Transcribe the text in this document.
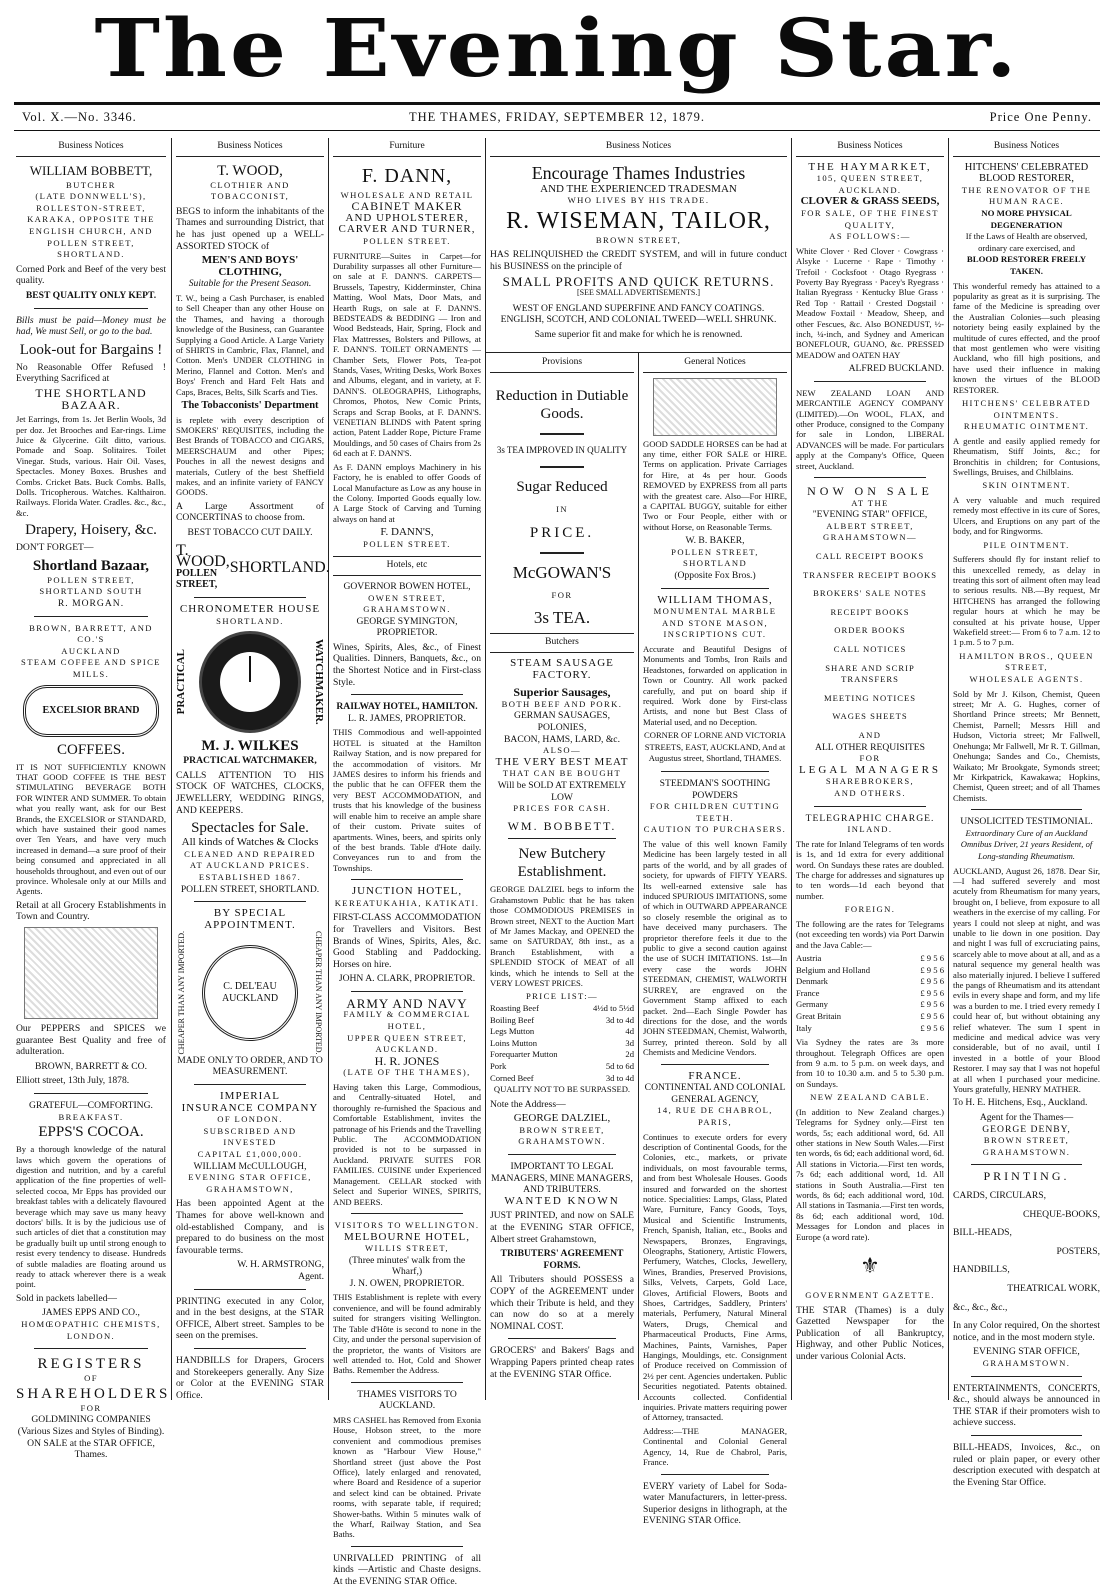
The Evening Star.
Vol. X.—No. 3346.	THE THAMES, FRIDAY, SEPTEMBER 12, 1879.	Price One Penny.
Business Notices
WILLIAM BOBBETT,
BUTCHER
(LATE DONNWELL'S),
ROLLESTON-STREET, KARAKA, OPPOSITE THE ENGLISH CHURCH, AND POLLEN STREET, SHORTLAND.
Corned Pork and Beef of the very best quality.
BEST QUALITY ONLY KEPT.
Bills must be paid—Money must be had, We must Sell, or go to the bad.
Look-out for Bargains !
No Reasonable Offer Refused ! Everything Sacrificed at
THE SHORTLAND BAZAAR.
Jet Earrings, from 1s. Jet Berlin Wools, 3d per doz. Jet Brooches and Ear-rings. Lime Juice & Glycerine. Gilt ditto, various. Pomade and Soap. Solitaires. Toilet Vinegar. Studs, various. Hair Oil. Vases, Spectacles. Money Boxes. Brushes and Combs. Cricket Bats. Buck Combs. Balls, Dolls. Tricopherous. Watches. Kalthairon. Railways. Florida Water. Cradles. &c., &c., &c.
Drapery, Hoisery, &c.
DON'T FORGET—
Shortland Bazaar,
POLLEN STREET, SHORTLAND SOUTH
R. MORGAN.
BROWN, BARRETT, AND CO.'S
AUCKLAND
STEAM COFFEE AND SPICE MILLS.
EXCELSIOR BRAND
COFFEES.
IT IS NOT SUFFICIENTLY KNOWN THAT GOOD COFFEE IS THE BEST STIMULATING BEVERAGE BOTH FOR WINTER AND SUMMER. To obtain what you really want, ask for our Best Brands, the EXCELSIOR or STANDARD, which have sustained their good names over Ten Years, and have very much increased in demand—a sure proof of their being consumed and appreciated in all households throughout, and even out of our province. Wholesale only at our Mills and Agents.
Retail at all Grocery Establishments in Town and Country.
Our PEPPERS and SPICES we guarantee Best Quality and free of adulteration.
BROWN, BARRETT & CO.
Elliott street, 13th July, 1878.
GRATEFUL—COMFORTING.
BREAKFAST.
EPPS'S COCOA.
By a thorough knowledge of the natural laws which govern the operations of digestion and nutrition, and by a careful application of the fine properties of well-selected cocoa, Mr Epps has provided our breakfast tables with a delicately flavoured beverage which may save us many heavy doctors' bills. It is by the judicious use of such articles of diet that a constitution may be gradually built up until strong enough to resist every tendency to disease. Hundreds of subtle maladies are floating around us ready to attack wherever there is a weak point.
Sold in packets labelled—
JAMES EPPS AND CO.,
HOMŒOPATHIC CHEMISTS, LONDON.
REGISTERS
OF
SHAREHOLDERS
FOR
GOLDMINING COMPANIES
(Various Sizes and Styles of Binding).
ON SALE at the STAR OFFICE, Thames.
Business Notices
T. WOOD,
CLOTHIER AND TOBACCONIST,
BEGS to inform the inhabitants of the Thames and surrounding District, that he has just opened up a WELL-ASSORTED STOCK of
MEN'S AND BOYS' CLOTHING,
Suitable for the Present Season.
T. W., being a Cash Purchaser, is enabled to Sell Cheaper than any other House on the Thames, and having a thorough knowledge of the Business, can Guarantee Supplying a Good Article. A Large Variety of SHIRTS in Cambric, Flax, Flannel, and Cotton. Men's UNDER CLOTHING in Merino, Flannel and Cotton. Men's and Boys' French and Hard Felt Hats and Caps, Braces, Belts, Silk Scarfs and Ties.
The Tobacconists' Department
is replete with every description of SMOKERS' REQUISITES, including the Best Brands of TOBACCO and CIGARS, MEERSCHAUM and other Pipes; Pouches in all the newest designs and materials, Cutlery of the best Sheffield makes, and an infinite variety of FANCY GOODS.
A Large Assortment of CONCERTINAS to choose from.
BEST TOBACCO CUT DAILY.
T. WOOD,
POLLEN STREET,
SHORTLAND.
CHRONOMETER HOUSE
SHORTLAND.
PRACTICAL	WATCHMAKER.
M. J. WILKES
PRACTICAL WATCHMAKER,
CALLS ATTENTION TO HIS STOCK OF WATCHES, CLOCKS, JEWELLERY, WEDDING RINGS, AND KEEPERS.
Spectacles for Sale.
All kinds of Watches & Clocks
CLEANED AND REPAIRED AT AUCKLAND PRICES.
ESTABLISHED 1867.
POLLEN STREET, SHORTLAND.
BY SPECIAL APPOINTMENT.
CHEAPER THAN ANY IMPORTED.	C. DEL'EAU AUCKLAND	CHEAPER THAN ANY IMPORTED.
MADE ONLY TO ORDER, AND TO MEASUREMENT.
IMPERIAL
INSURANCE COMPANY
OF LONDON.
SUBSCRIBED AND INVESTED
CAPITAL £1,000,000.
WILLIAM McCULLOUGH,
EVENING STAR OFFICE,
GRAHAMSTOWN,
Has been appointed Agent at the Thames for above well-known and old-established Company, and is prepared to do business on the most favourable terms.
W. H. ARMSTRONG,
Agent.
PRINTING executed in any Color, and in the best designs, at the STAR OFFICE, Albert street. Samples to be seen on the premises.
HANDBILLS for Drapers, Grocers and Storekeepers generally. Any Size or Color at the EVENING STAR Office.
Furniture
F. DANN,
WHOLESALE AND RETAIL
CABINET MAKER
AND UPHOLSTERER,
CARVER AND TURNER,
POLLEN STREET.
FURNITURE—Suites in Carpet—for Durability surpasses all other Furniture—on sale at F. DANN'S. CARPETS—Brussels, Tapestry, Kidderminster, China Matting, Wool Mats, Door Mats, and Hearth Rugs, on sale at F. DANN'S. BEDSTEADS & BEDDING — Iron and Wood Bedsteads, Hair, Spring, Flock and Flax Mattresses, Bolsters and Pillows, at F. DANN'S. TOILET ORNAMENTS — Chamber Sets, Flower Pots, Tea-pot Stands, Vases, Writing Desks, Work Boxes and Albums, elegant, and in variety, at F. DANN'S. OLEOGRAPHS, Lithographs, Chromos, Photos, New Comic Prints, Scraps and Scrap Books, at F. DANN'S. VENETIAN BLINDS with Patent spring action, Patent Ladder Rope, Picture Frame Mouldings, and 50 cases of Chairs from 2s 6d each at F. DANN'S.
As F. DANN employs Machinery in his Factory, he is enabled to offer Goods of Local Manufacture as Low as any house in the Colony. Imported Goods equally low. A Large Stock of Carving and Turning always on hand at
F. DANN'S,
POLLEN STREET.
Hotels, etc
GOVERNOR BOWEN HOTEL,
OWEN STREET, GRAHAMSTOWN.
GEORGE SYMINGTON, PROPRIETOR.
Wines, Spirits, Ales, &c., of Finest Qualities. Dinners, Banquets, &c., on the Shortest Notice and in First-class Style.
RAILWAY HOTEL, HAMILTON.
L. R. JAMES, PROPRIETOR.
THIS Commodious and well-appointed HOTEL is situated at the Hamilton Railway Station, and is now prepared for the accommodation of visitors. Mr JAMES desires to inform his friends and the public that he can OFFER them the very BEST ACCOMMODATION, and trusts that his knowledge of the business will enable him to receive an ample share of their custom. Private suites of apartments. Wines, beers, and spirits only of the best brands. Table d'Hote daily. Conveyances run to and from the Townships.
JUNCTION HOTEL,
KEREATUKAHIA, KATIKATI.
FIRST-CLASS ACCOMMODATION for Travellers and Visitors. Best Brands of Wines, Spirits, Ales, &c. Good Stabling and Paddocking. Horses on hire.
JOHN A. CLARK, PROPRIETOR.
ARMY AND NAVY
FAMILY & COMMERCIAL HOTEL,
UPPER QUEEN STREET, AUCKLAND.
H. R. JONES
(LATE OF THE THAMES),
Having taken this Large, Commodious, and Centrally-situated Hotel, and thoroughly re-furnished the Spacious and Comfortable Establishment, invites the patronage of his Friends and the Travelling Public. The ACCOMMODATION provided is not to be surpassed in Auckland. PRIVATE SUITES FOR FAMILIES. CUISINE under Experienced Management. CELLAR stocked with Select and Superior WINES, SPIRITS, AND BEERS.
VISITORS TO WELLINGTON.
MELBOURNE HOTEL,
WILLIS STREET,
(Three minutes' walk from the Wharf,)
J. N. OWEN, PROPRIETOR.
THIS Establishment is replete with every convenience, and will be found admirably suited for strangers visiting Wellington. The Table d'Hôte is second to none in the City, and under the personal supervision of the proprietor, the wants of Visitors are well attended to. Hot, Cold and Shower Baths. Remember the Address.
THAMES VISITORS TO AUCKLAND.
MRS CASHEL has Removed from Exonia House, Hobson street, to the more convenient and commodious premises known as "Harbour View House," Shortland street (just above the Post Office), lately enlarged and renovated, where Board and Residence of a superior and select kind can be obtained. Private rooms, with separate table, if required; Shower-baths. Within 5 minutes walk of the Wharf, Railway Station, and Sea Baths.
UNRIVALLED PRINTING of all kinds —Artistic and Chaste designs. At the EVENING STAR Office.
Business Notices
Encourage Thames Industries
AND THE EXPERIENCED TRADESMAN
WHO LIVES BY HIS TRADE.
R. WISEMAN, TAILOR,
BROWN STREET,
HAS RELINQUISHED the CREDIT SYSTEM, and will in future conduct his BUSINESS on the principle of
SMALL PROFITS AND QUICK RETURNS.
[SEE SMALL ADVERTISEMENTS.]
WEST OF ENGLAND SUPERFINE AND FANCY COATINGS. ENGLISH, SCOTCH, AND COLONIAL TWEED—WELL SHRUNK.
Same superior fit and make for which he is renowned.
Provisions
Reduction in Dutiable
Goods.
3s TEA IMPROVED IN QUALITY
Sugar Reduced
IN
PRICE.
McGOWAN'S
FOR
3s TEA.
Butchers
STEAM SAUSAGE FACTORY.
Superior Sausages,
BOTH BEEF AND PORK.
GERMAN SAUSAGES, POLONIES,
BACON, HAMS, LARD, &c.
ALSO—
THE VERY BEST MEAT
THAT CAN BE BOUGHT
Will be SOLD AT EXTREMELY LOW
PRICES FOR CASH.
WM. BOBBETT.
New Butchery Establishment.
GEORGE DALZIEL begs to inform the Grahamstown Public that he has taken those COMMODIOUS PREMISES in Brown street, NEXT to the Auction Mart of Mr James Mackay, and OPENED the same on SATURDAY, 8th inst., as a Branch Establishment, with a SPLENDID STOCK of MEAT of all kinds, which he intends to Sell at the VERY LOWEST PRICES.
PRICE LIST:—
Roasting Beef	4½d to 5½d
Boiling Beef	3d to 4d
Legs Mutton	4d
Loins Mutton	3d
Forequarter Mutton	2d
Pork	5d to 6d
Corned Beef	3d to 4d
QUALITY NOT TO BE SURPASSED.
Note the Address—
GEORGE DALZIEL,
BROWN STREET, GRAHAMSTOWN.
IMPORTANT TO LEGAL MANAGERS, MINE MANAGERS, AND TRIBUTERS.
WANTED KNOWN
JUST PRINTED, and now on SALE at the EVENING STAR OFFICE, Albert street Grahamstown,
TRIBUTERS' AGREEMENT FORMS.
All Tributers should POSSESS a COPY of the AGREEMENT under which their Tribute is held, and they can now do so at a merely NOMINAL COST.
GROCERS' and Bakers' Bags and Wrapping Papers printed cheap rates at the EVENING STAR Office.
General Notices
GOOD SADDLE HORSES can be had at any time, either FOR SALE or HIRE. Terms on application. Private Carriages for Hire, at 4s per hour. Goods REMOVED by EXPRESS from all parts with the greatest care. Also—For HIRE, a CAPITAL BUGGY, suitable for either Two or Four People, either with or without Horse, on Reasonable Terms.
W. B. BAKER,
POLLEN STREET, SHORTLAND
(Opposite Fox Bros.)
WILLIAM THOMAS,
MONUMENTAL MARBLE AND STONE MASON,
INSCRIPTIONS CUT.
Accurate and Beautiful Designs of Monuments and Tombs, Iron Rails and Headstones, forwarded on application in Town or Country. All work packed carefully, and put on board ship if required. Work done by First-class Artists, and none but Best Class of Material used, and no Deception.
CORNER OF LORNE AND VICTORIA STREETS, EAST, AUCKLAND, And at Augustus street, Shortland, THAMES.
STEEDMAN'S SOOTHING POWDERS
FOR CHILDREN CUTTING TEETH.
CAUTION TO PURCHASERS.
The value of this well known Family Medicine has been largely tested in all parts of the world, and by all grades of society, for upwards of FIFTY YEARS. Its well-earned extensive sale has induced SPURIOUS IMITATIONS, some of which in OUTWARD APPEARANCE so closely resemble the original as to have deceived many purchasers. The proprietor therefore feels it due to the public to give a second caution against the use of SUCH IMITATIONS. 1st—In every case the words JOHN STEEDMAN, CHEMIST, WALWORTH SURREY, are engraved on the Government Stamp affixed to each packet. 2nd—Each Single Powder has directions for the dose, and the words JOHN STEEDMAN, Chemist, Walworth, Surrey, printed thereon. Sold by all Chemists and Medicine Vendors.
FRANCE.
CONTINENTAL AND COLONIAL GENERAL AGENCY,
14, RUE DE CHABROL, PARIS,
Continues to execute orders for every description of Continental Goods, for the Colonies, etc., markets, or private individuals, on most favourable terms, and from best Wholesale Houses. Goods insured and forwarded on the shortest notice. Specialities: Lamps, Glass, Plated Ware, Furniture, Fancy Goods, Toys, Musical and Scientific Instruments, French, Spanish, Italian, etc., Books and Newspapers, Bronzes, Engravings, Oleographs, Stationery, Artistic Flowers, Perfumery, Watches, Clocks, Jewellery, Wines, Brandies, Preserved Provisions, Silks, Velvets, Carpets, Gold Lace, Gloves, Artificial Flowers, Boots and Shoes, Cartridges, Saddlery, Printers' materials, Perfumery, Natural Mineral Waters, Drugs, Chemical and Pharmaceutical Products, Fine Arms, Machines, Paints, Varnishes, Paper Hangings, Mouldings, etc. Consignment of Produce received on Commission of 2½ per cent. Agencies undertaken. Public Securities negotiated. Patents obtained. Accounts collected. Confidential inquiries. Private matters requiring power of Attorney, transacted.
Address:—THE MANAGER, Continental and Colonial General Agency, 14, Rue de Chabrol, Paris, France.
EVERY variety of Label for Soda-water Manufacturers, in letter-press. Superior designs in lithograph, at the EVENING STAR Office.
Business Notices
THE HAYMARKET,
105, QUEEN STREET,
AUCKLAND.
CLOVER & GRASS SEEDS,
FOR SALE, OF THE FINEST QUALITY,
AS FOLLOWS:—
White Clover · Red Clover · Cowgrass · Alsyke · Lucerne · Rape · Timothy · Trefoil · Cocksfoot · Otago Ryegrass · Poverty Bay Ryegrass · Pacey's Ryegrass · Italian Ryegrass · Kentucky Blue Grass · Red Top · Rattail · Crested Dogstail · Meadow Foxtail · Meadow, Sheep, and other Fescues, &c. Also BONEDUST, ½-inch, ¼-inch, and Sydney and American BONEFLOUR, GUANO, &c. PRESSED MEADOW and OATEN HAY
ALFRED BUCKLAND.
NEW ZEALAND LOAN AND MERCANTILE AGENCY COMPANY (LIMITED).—On WOOL, FLAX, and other Produce, consigned to the Company for sale in London, LIBERAL ADVANCES will be made. For particulars apply at the Company's Office, Queen street, Auckland.
NOW ON SALE
AT THE
"EVENING STAR" OFFICE,
ALBERT STREET,
GRAHAMSTOWN—
CALL RECEIPT BOOKS
TRANSFER RECEIPT BOOKS
BROKERS' SALE NOTES
RECEIPT BOOKS
ORDER BOOKS
CALL NOTICES
SHARE AND SCRIP TRANSFERS
MEETING NOTICES
WAGES SHEETS
AND
ALL OTHER REQUISITES
FOR
LEGAL MANAGERS
SHAREBROKERS,
AND OTHERS.
TELEGRAPHIC CHARGE.
INLAND.
The rate for Inland Telegrams of ten words is 1s, and 1d extra for every additional word. On Sundays these rates are doubled. The charge for addresses and signatures up to ten words—1d each beyond that number.
FOREIGN.
The following are the rates for Telegrams (not exceeding ten words) via Port Darwin and the Java Cable:—
Austria	£ 9 5 6
Belgium and Holland	£ 9 5 6
Denmark	£ 9 5 6
France	£ 9 5 6
Germany	£ 9 5 6
Great Britain	£ 9 5 6
Italy	£ 9 5 6
Via Sydney the rates are 3s more throughout. Telegraph Offices are open from 9 a.m. to 5 p.m. on week days, and from 10 to 10.30 a.m. and 5 to 5.30 p.m. on Sundays.
NEW ZEALAND CABLE.
(In addition to New Zealand charges.) Telegrams for Sydney only.—First ten words, 5s; each additional word, 6d. All other stations in New South Wales.—First ten words, 6s 6d; each additional word, 6d. All stations in Victoria.—First ten words, 7s 6d; each additional word, 1d. All stations in South Australia.—First ten words, 8s 6d; each additional word, 10d. All stations in Tasmania.—First ten words, 8s 6d; each additional word, 10d. Messages for London and places in Europe (a word rate).
⚜
GOVERNMENT GAZETTE.
THE STAR (Thames) is a duly Gazetted Newspaper for the Publication of all Bankruptcy, Highway, and other Public Notices, under various Colonial Acts.
Business Notices
HITCHENS' CELEBRATED BLOOD RESTORER,
THE RENOVATOR OF THE HUMAN RACE.
NO MORE PHYSICAL DEGENERATION
If the Laws of Health are observed, ordinary care exercised, and
BLOOD RESTORER FREELY TAKEN.
This wonderful remedy has attained to a popularity as great as it is surprising. The fame of the Medicine is spreading over the Australian Colonies—such pleasing notoriety being easily explained by the multitude of cures effected, and the proof that most gentlemen who were visiting Auckland, who fill high positions, and have used their influence in making known the virtues of the BLOOD RESTORER.
HITCHENS' CELEBRATED OINTMENTS.
RHEUMATIC OINTMENT.
A gentle and easily applied remedy for Rheumatism, Stiff Joints, &c.; for Bronchitis in children; for Contusions, Swellings, Bruises, and Chilblains.
SKIN OINTMENT.
A very valuable and much required remedy most effective in its cure of Sores, Ulcers, and Eruptions on any part of the body, and for Ringworms.
PILE OINTMENT.
Sufferers should fly for instant relief to this unexcelled remedy, as delay in treating this sort of ailment often may lead to serious results. NB.—By request, Mr HITCHENS has arranged the following regular hours at which he may be consulted at his private house, Upper Wakefield street:— From 6 to 7 a.m. 12 to 1 p.m. 5 to 7 p.m.
HAMILTON BROS., QUEEN STREET,
WHOLESALE AGENTS.
Sold by Mr J. Kilson, Chemist, Queen street; Mr A. G. Hughes, corner of Shortland Prince streets; Mr Bennett, Chemist, Parnell; Messrs Hill and Hudson, Victoria street; Mr Fallwell, Onehunga; Mr Fallwell, Mr R. T. Gillman, Onehunga; Sandes and Co., Chemists, Waikato; Mr Brookgate, Symonds street; Mr Kirkpatrick, Kawakawa; Hopkins, Chemist, Queen street; and of all Thames Chemists.
UNSOLICITED TESTIMONIAL.
Extraordinary Cure of an Auckland Omnibus Driver, 21 years Resident, of Long-standing Rheumatism.
AUCKLAND, August 26, 1878. Dear Sir,—I had suffered severely and most acutely from Rheumatism for many years, brought on, I believe, from exposure to all weathers in the exercise of my calling. For years I could not sleep at night, and was unable to lie down in one position. Day and night I was full of excruciating pains, scarcely able to move about at all, and as a natural sequence my general health was also materially injured. I believe I suffered the pangs of Rheumatism and its attendant evils in every shape and form, and my life was a burden to me. I tried every remedy I could hear of, but without obtaining any relief whatever. The sum I spent in medicine and medical advice was very considerable, but of no avail, until I invested in a bottle of your Blood Restorer. I may say that I was not hopeful at all when I purchased your medicine. Yours gratefully, HENRY MATHER.
To H. E. Hitchens, Esq., Auckland.
Agent for the Thames—
GEORGE DENBY,
BROWN STREET, GRAHAMSTOWN.
PRINTING.
CARDS, CIRCULARS,
CHEQUE-BOOKS,
BILL-HEADS,
POSTERS,
HANDBILLS,
THEATRICAL WORK,
&c., &c., &c.,
In any Color required, On the shortest notice, and in the most modern style.
EVENING STAR OFFICE,
GRAHAMSTOWN.
ENTERTAINMENTS, CONCERTS, &c., should always be announced in THE STAR if their promoters wish to achieve success.
BILL-HEADS, Invoices, &c., on ruled or plain paper, or every other description executed with despatch at the Evening Star Office.
